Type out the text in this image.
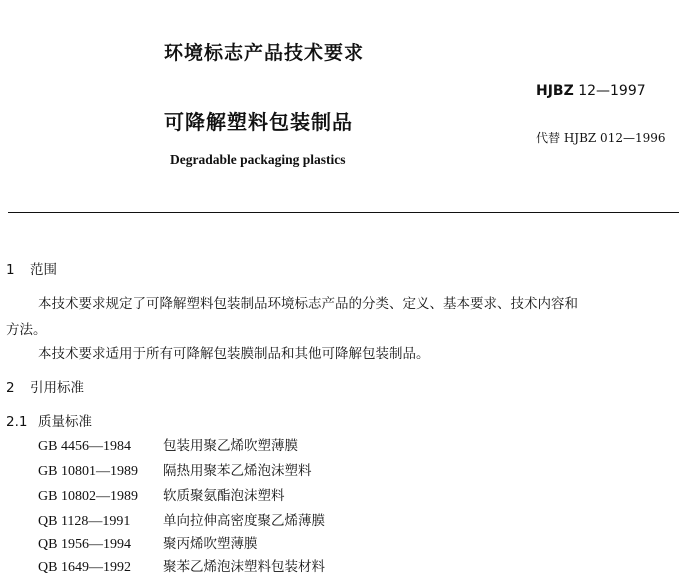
环境标志产品技术要求
HJBZ 12—1997
可降解塑料包装制品
代替 HJBZ 012—1996
Degradable packaging plastics
1 范围
本技术要求规定了可降解塑料包装制品环境标志产品的分类、定义、基本要求、技术内容和
方法。
本技术要求适用于所有可降解包装膜制品和其他可降解包装制品。
2 引用标准
2.1 质量标准
GB 4456—1984 包装用聚乙烯吹塑薄膜
GB 10801—1989 隔热用聚苯乙烯泡沫塑料
GB 10802—1989 软质聚氨酯泡沫塑料
QB 1128—1991 单向拉伸高密度聚乙烯薄膜
QB 1956—1994 聚丙烯吹塑薄膜
QB 1649—1992 聚苯乙烯泡沫塑料包装材料
